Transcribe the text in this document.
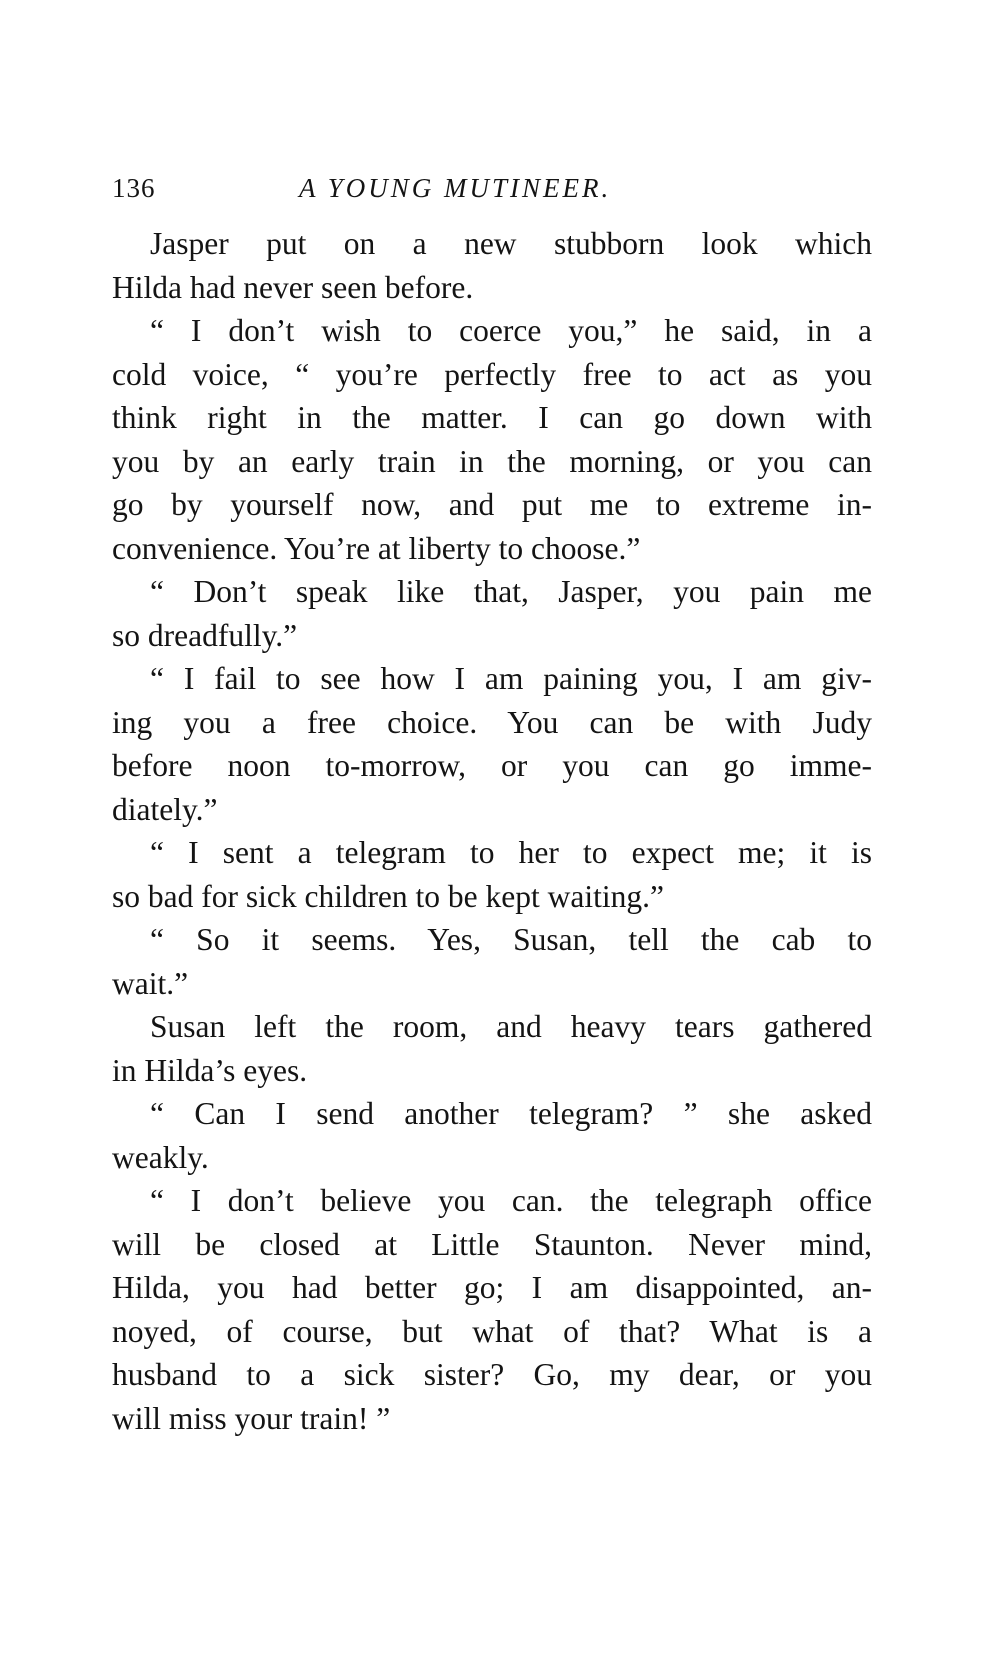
136	A YOUNG MUTINEER.
Jasper put on a new stubborn look which
Hilda had never seen before.
“ I don’t wish to coerce you,” he said, in a
cold voice, “ you’re perfectly free to act as you
think right in the matter. I can go down with
you by an early train in the morning, or you can
go by yourself now, and put me to extreme in-
convenience. You’re at liberty to choose.”
“ Don’t speak like that, Jasper, you pain me
so dreadfully.”
“ I fail to see how I am paining you, I am giv-
ing you a free choice. You can be with Judy
before noon to-morrow, or you can go imme-
diately.”
“ I sent a telegram to her to expect me; it is
so bad for sick children to be kept waiting.”
“ So it seems. Yes, Susan, tell the cab to
wait.”
Susan left the room, and heavy tears gathered
in Hilda’s eyes.
“ Can I send another telegram? ” she asked
weakly.
“ I don’t believe you can. the telegraph office
will be closed at Little Staunton. Never mind,
Hilda, you had better go; I am disappointed, an-
noyed, of course, but what of that? What is a
husband to a sick sister? Go, my dear, or you
will miss your train! ”
